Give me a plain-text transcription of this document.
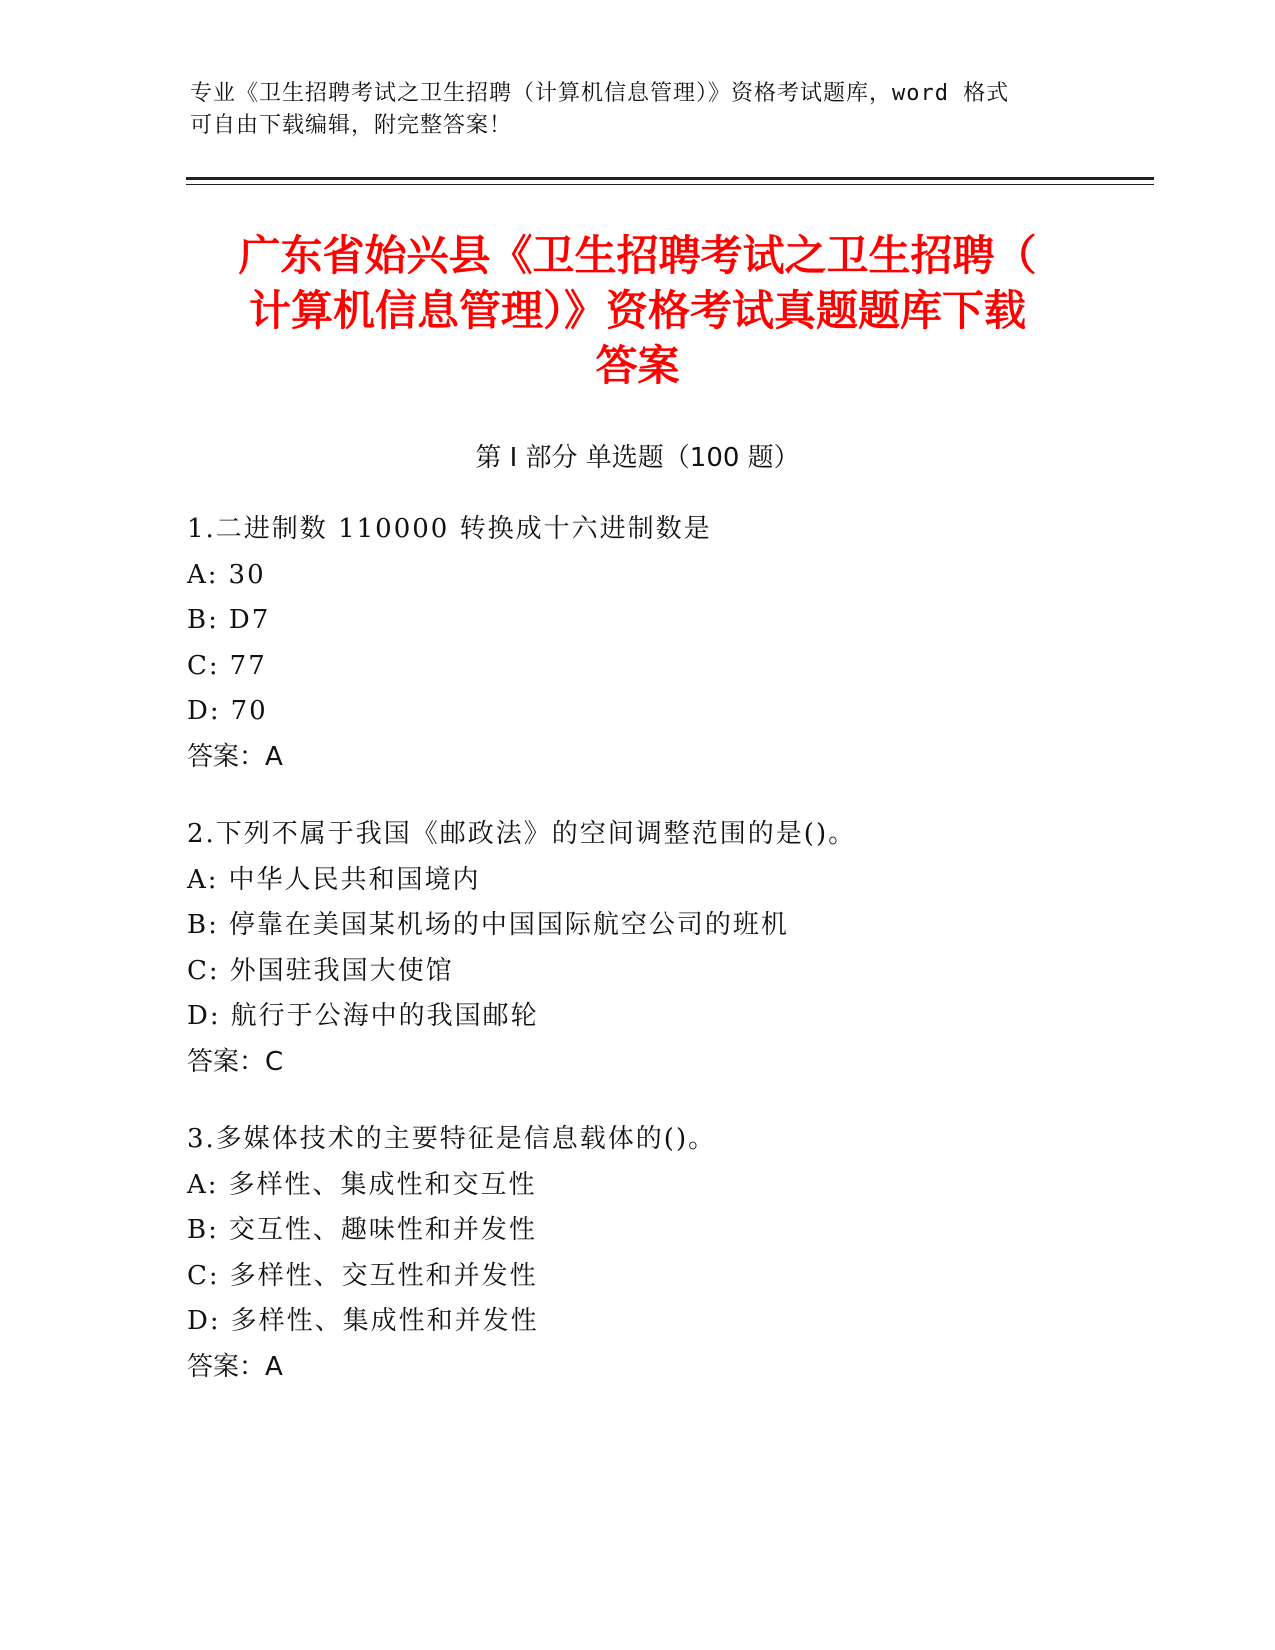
专业《卫生招聘考试之卫生招聘（计算机信息管理）》资格考试题库，word 格式
可自由下载编辑，附完整答案！
广东省始兴县《卫生招聘考试之卫生招聘（
计算机信息管理）》资格考试真题题库下载
答案
第 I 部分 单选题（100 题）
1.二进制数 110000 转换成十六进制数是
A: 30
B: D7
C: 77
D: 70
答案：A
2.下列不属于我国《邮政法》的空间调整范围的是()。
A: 中华人民共和国境内
B: 停靠在美国某机场的中国国际航空公司的班机
C: 外国驻我国大使馆
D: 航行于公海中的我国邮轮
答案：C
3.多媒体技术的主要特征是信息载体的()。
A: 多样性、集成性和交互性
B: 交互性、趣味性和并发性
C: 多样性、交互性和并发性
D: 多样性、集成性和并发性
答案：A
